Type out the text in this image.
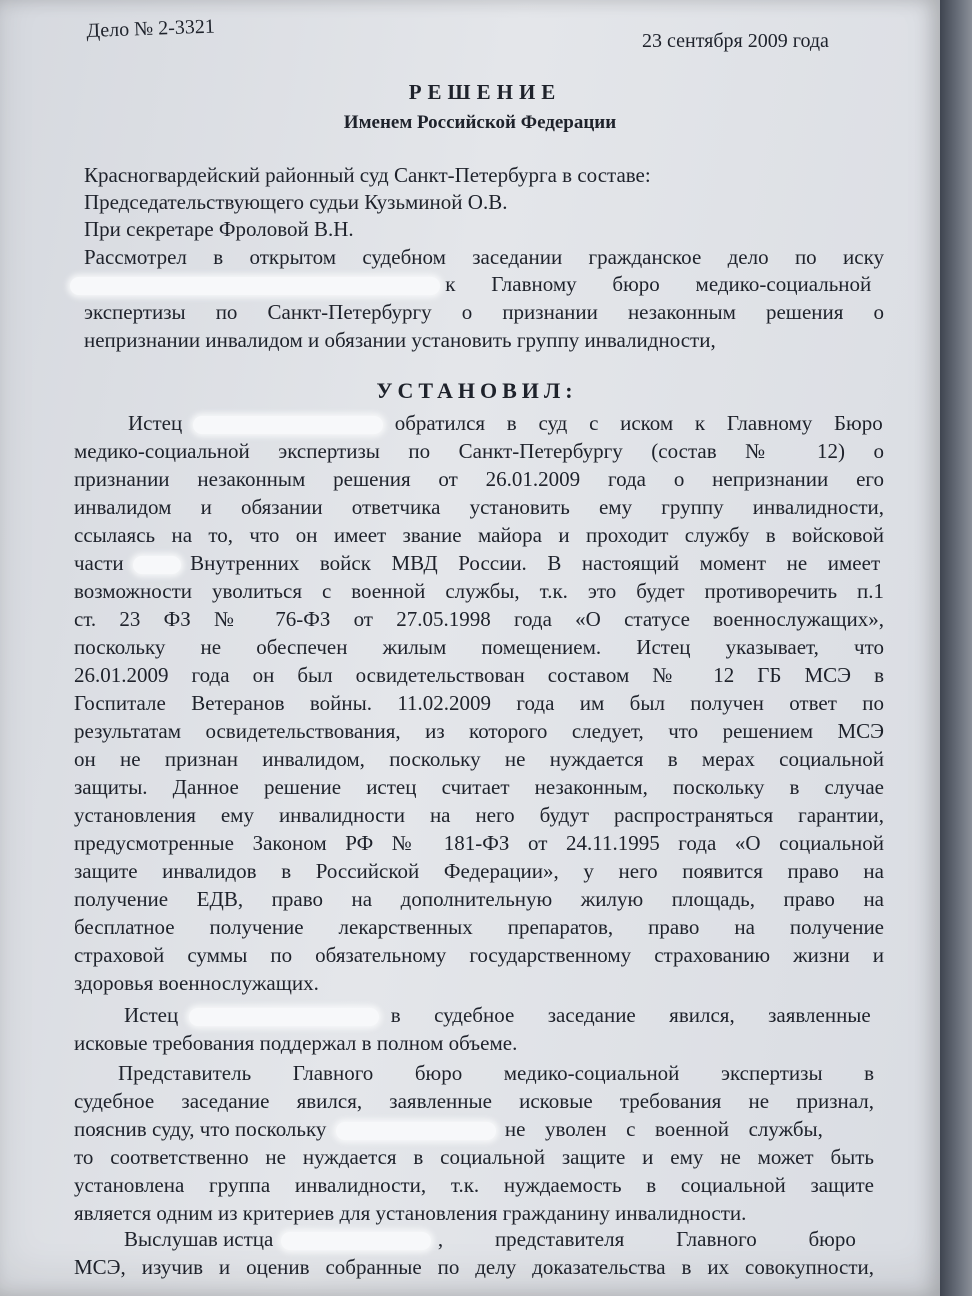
Дело № 2-3321	23 сентября 2009 года
РЕШЕНИЕ
Именем Российской Федерации
Красногвардейский районный суд Санкт-Петербурга в составе:
Председательствующего судьи Кузьминой О.В.
При секретаре Фроловой В.Н.
Рассмотрел в открытом судебном заседании гражданское дело по иску
к Главному бюро медико-социальной
экспертизы по Санкт-Петербургу о признании незаконным решения о
непризнании инвалидом и обязании установить группу инвалидности,
УСТАНОВИЛ:
Истец	обратился в суд с иском к Главному Бюро
медико-социальной экспертизы по Санкт-Петербургу (состав № 12) о
признании незаконным решения от 26.01.2009 года о непризнании его
инвалидом и обязании ответчика установить ему группу инвалидности,
ссылаясь на то, что он имеет звание майора и проходит службу в войсковой
части	Внутренних войск МВД России. В настоящий момент не имеет
возможности уволиться с военной службы, т.к. это будет противоречить п.1
ст. 23 ФЗ № 76-ФЗ от 27.05.1998 года «О статусе военнослужащих»,
поскольку не обеспечен жилым помещением. Истец указывает, что
26.01.2009 года он был освидетельствован составом № 12 ГБ МСЭ в
Госпитале Ветеранов войны. 11.02.2009 года им был получен ответ по
результатам освидетельствования, из которого следует, что решением МСЭ
он не признан инвалидом, поскольку не нуждается в мерах социальной
защиты. Данное решение истец считает незаконным, поскольку в случае
установления ему инвалидности на него будут распространяться гарантии,
предусмотренные Законом РФ № 181-ФЗ от 24.11.1995 года «О социальной
защите инвалидов в Российской Федерации», у него появится право на
получение ЕДВ, право на дополнительную жилую площадь, право на
бесплатное получение лекарственных препаратов, право на получение
страховой суммы по обязательному государственному страхованию жизни и
здоровья военнослужащих.
Истец	в судебное заседание явился, заявленные
исковые требования поддержал в полном объеме.
Представитель Главного бюро медико-социальной экспертизы в
судебное заседание явился, заявленные исковые требования не признал,
пояснив суду, что поскольку	не уволен с военной службы,
то соответственно не нуждается в социальной защите и ему не может быть
установлена группа инвалидности, т.к. нуждаемость в социальной защите
является одним из критериев для установления гражданину инвалидности.
Выслушав истца	, представителя Главного бюро
МСЭ, изучив и оценив собранные по делу доказательства в их совокупности,
